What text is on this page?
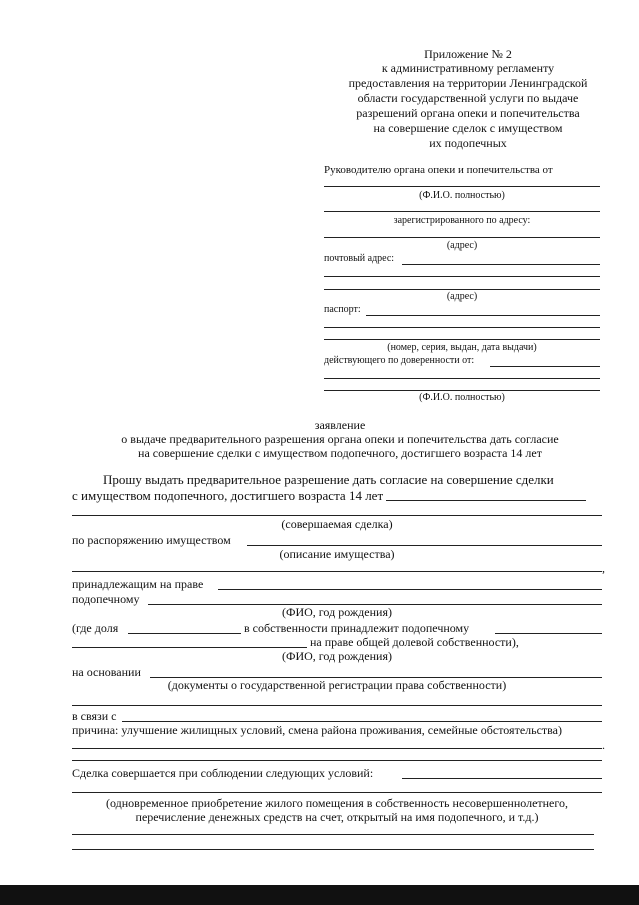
Приложение № 2
к административному регламенту
предоставления на территории Ленинградской
области государственной услуги по выдаче
разрешений органа опеки и попечительства
на совершение сделок с имуществом
их подопечных
Руководителю органа опеки и попечительства от
(Ф.И.О. полностью)
зарегистрированного по адресу:
(адрес)
почтовый адрес:
(адрес)
паспорт:
(номер, серия, выдан, дата выдачи)
действующего по доверенности от:
(Ф.И.О. полностью)
заявление
о выдаче предварительного разрешения органа опеки и попечительства дать согласие
на совершение сделки с имуществом подопечного, достигшего возраста 14 лет
Прошу выдать предварительное разрешение дать согласие на совершение сделки
с имуществом подопечного, достигшего возраста 14 лет
(совершаемая сделка)
по распоряжению имуществом
(описание имущества)
,
принадлежащим на праве
подопечному
(ФИО, год рождения)
(где доля	в собственности принадлежит подопечному
на праве общей долевой собственности),
(ФИО, год рождения)
на основании
(документы о государственной регистрации права собственности)
в связи с
причина: улучшение жилищных условий, смена района проживания, семейные обстоятельства)
.
Сделка совершается при соблюдении следующих условий:
(одновременное приобретение жилого помещения в собственность несовершеннолетнего,
перечисление денежных средств на счет, открытый на имя подопечного, и т.д.)
